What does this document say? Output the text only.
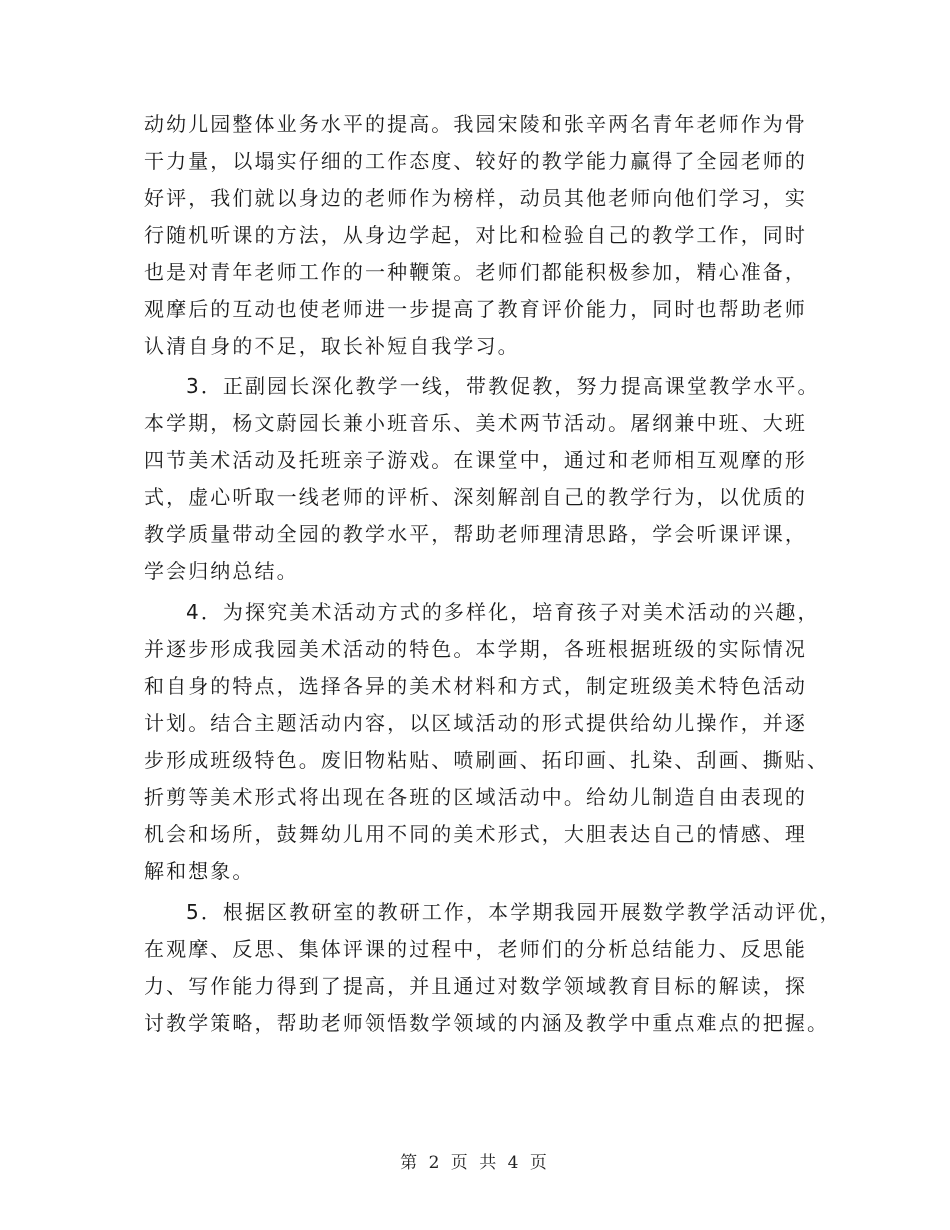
动幼儿园整体业务水平的提高。我园宋陵和张辛两名青年老师作为骨
干力量，以塌实仔细的工作态度、较好的教学能力赢得了全园老师的
好评，我们就以身边的老师作为榜样，动员其他老师向他们学习，实
行随机听课的方法，从身边学起，对比和检验自己的教学工作，同时
也是对青年老师工作的一种鞭策。老师们都能积极参加，精心准备，
观摩后的互动也使老师进一步提高了教育评价能力，同时也帮助老师
认清自身的不足，取长补短自我学习。
3．正副园长深化教学一线，带教促教，努力提高课堂教学水平。
本学期，杨文蔚园长兼小班音乐、美术两节活动。屠纲兼中班、大班
四节美术活动及托班亲子游戏。在课堂中，通过和老师相互观摩的形
式，虚心听取一线老师的评析、深刻解剖自己的教学行为，以优质的
教学质量带动全园的教学水平，帮助老师理清思路，学会听课评课，
学会归纳总结。
4．为探究美术活动方式的多样化，培育孩子对美术活动的兴趣，
并逐步形成我园美术活动的特色。本学期，各班根据班级的实际情况
和自身的特点，选择各异的美术材料和方式，制定班级美术特色活动
计划。结合主题活动内容，以区域活动的形式提供给幼儿操作，并逐
步形成班级特色。废旧物粘贴、喷刷画、拓印画、扎染、刮画、撕贴、
折剪等美术形式将出现在各班的区域活动中。给幼儿制造自由表现的
机会和场所，鼓舞幼儿用不同的美术形式，大胆表达自己的情感、理
解和想象。
5．根据区教研室的教研工作，本学期我园开展数学教学活动评优，
在观摩、反思、集体评课的过程中，老师们的分析总结能力、反思能
力、写作能力得到了提高，并且通过对数学领域教育目标的解读，探
讨教学策略，帮助老师领悟数学领域的内涵及教学中重点难点的把握。
第 2 页 共 4 页
